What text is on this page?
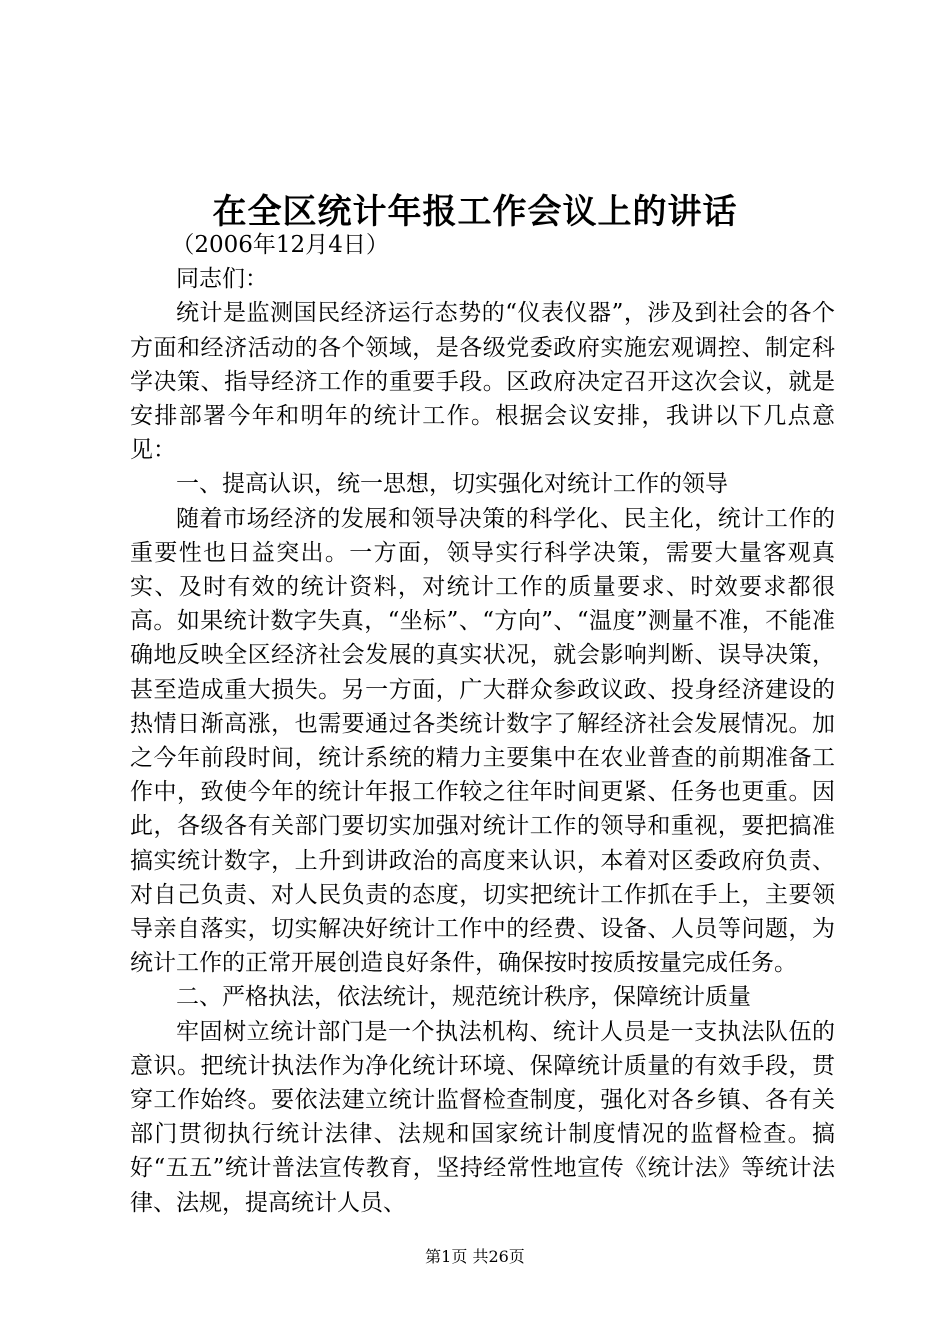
在全区统计年报工作会议上的讲话

（2006年12月4日）

同志们：

统计是监测国民经济运行态势的“仪表仪器”，涉及到社会的各个方面和经济活动的各个领域，是各级党委政府实施宏观调控、制定科学决策、指导经济工作的重要手段。区政府决定召开这次会议，就是安排部署今年和明年的统计工作。根据会议安排，我讲以下几点意见：

一、提高认识，统一思想，切实强化对统计工作的领导

随着市场经济的发展和领导决策的科学化、民主化，统计工作的重要性也日益突出。一方面，领导实行科学决策，需要大量客观真实、及时有效的统计资料，对统计工作的质量要求、时效要求都很高。如果统计数字失真，“坐标”、“方向”、“温度”测量不准，不能准确地反映全区经济社会发展的真实状况，就会影响判断、误导决策，甚至造成重大损失。另一方面，广大群众参政议政、投身经济建设的热情日渐高涨，也需要通过各类统计数字了解经济社会发展情况。加之今年前段时间，统计系统的精力主要集中在农业普查的前期准备工作中，致使今年的统计年报工作较之往年时间更紧、任务也更重。因此，各级各有关部门要切实加强对统计工作的领导和重视，要把搞准搞实统计数字，上升到讲政治的高度来认识，本着对区委政府负责、对自己负责、对人民负责的态度，切实把统计工作抓在手上，主要领导亲自落实，切实解决好统计工作中的经费、设备、人员等问题，为统计工作的正常开展创造良好条件，确保按时按质按量完成任务。

二、严格执法，依法统计，规范统计秩序，保障统计质量

牢固树立统计部门是一个执法机构、统计人员是一支执法队伍的意识。把统计执法作为净化统计环境、保障统计质量的有效手段，贯穿工作始终。要依法建立统计监督检查制度，强化对各乡镇、各有关部门贯彻执行统计法律、法规和国家统计制度情况的监督检查。搞好“五五”统计普法宣传教育，坚持经常性地宣传《统计法》等统计法律、法规，提高统计人员、

第1页 共26页
